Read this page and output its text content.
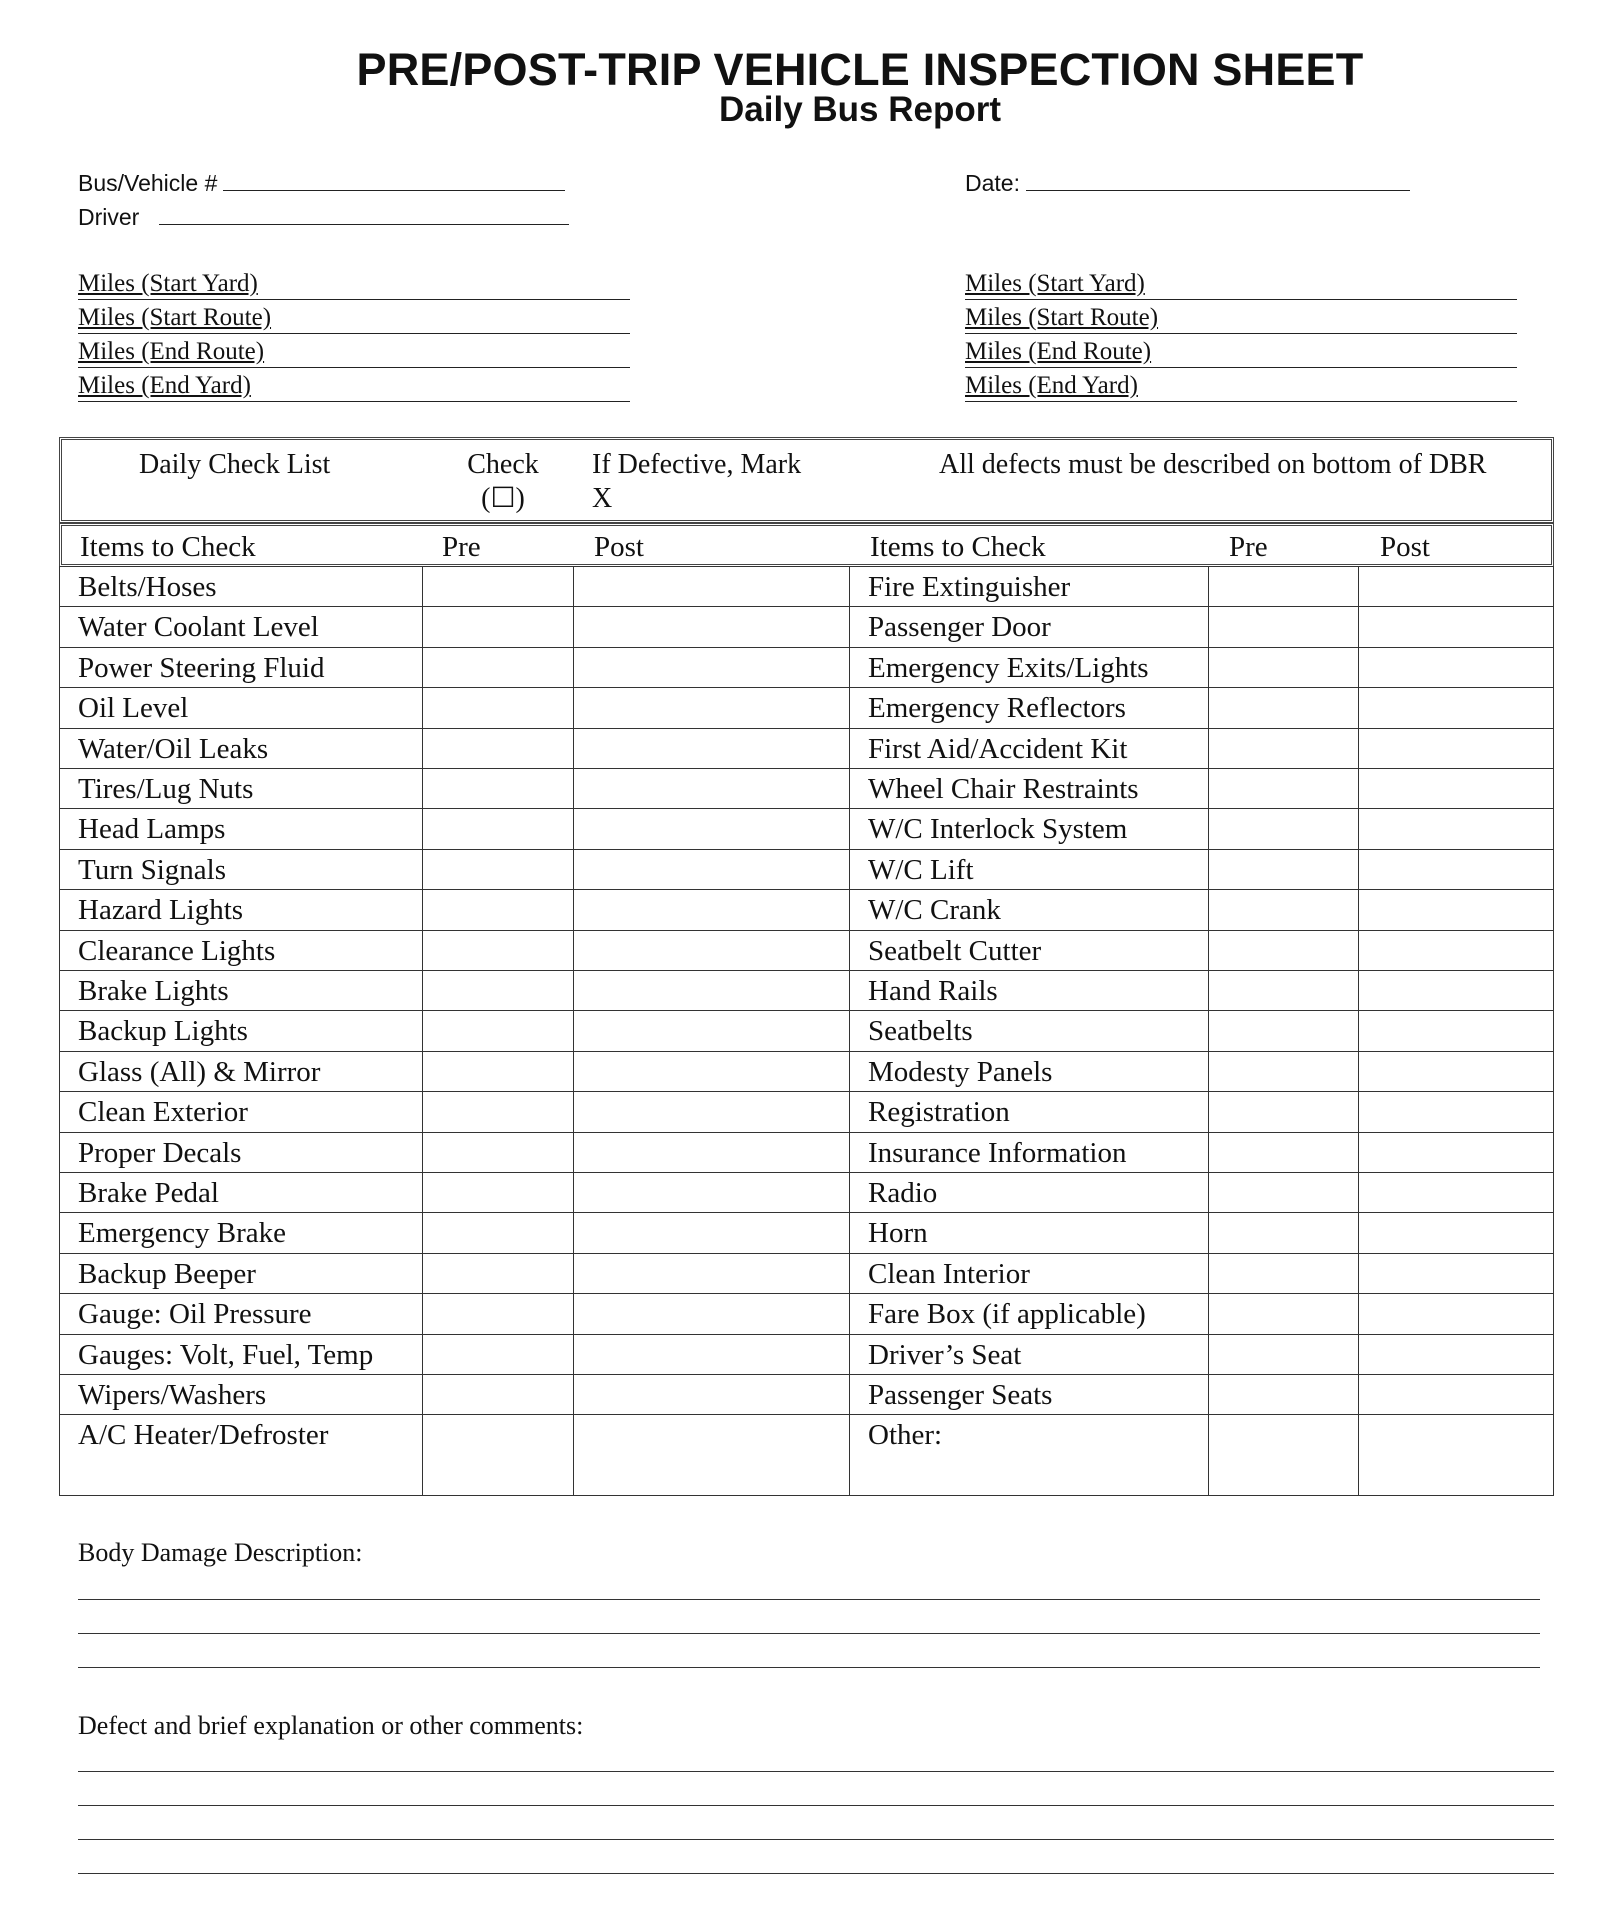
PRE/POST-TRIP VEHICLE INSPECTION SHEET
Daily Bus Report
Bus/Vehicle #
Driver
Date:
Miles (Start Yard)
Miles (Start Route)
Miles (End Route)
Miles (End Yard)
Miles (Start Yard)
Miles (Start Route)
Miles (End Route)
Miles (End Yard)
Daily Check List	Check
(☐)
If Defective, Mark
X
All defects must be described on bottom of DBR
Items to Check	Pre	Post	Items to Check	Pre	Post
Belts/Hoses	Fire Extinguisher
Water Coolant Level	Passenger Door
Power Steering Fluid	Emergency Exits/Lights
Oil Level	Emergency Reflectors
Water/Oil Leaks	First Aid/Accident Kit
Tires/Lug Nuts	Wheel Chair Restraints
Head Lamps	W/C Interlock System
Turn Signals	W/C Lift
Hazard Lights	W/C Crank
Clearance Lights	Seatbelt Cutter
Brake Lights	Hand Rails
Backup Lights	Seatbelts
Glass (All) & Mirror	Modesty Panels
Clean Exterior	Registration
Proper Decals	Insurance Information
Brake Pedal	Radio
Emergency Brake	Horn
Backup Beeper	Clean Interior
Gauge: Oil Pressure	Fare Box (if applicable)
Gauges: Volt, Fuel, Temp	Driver’s Seat
Wipers/Washers	Passenger Seats
A/C Heater/Defroster	Other:
Body Damage Description:
Defect and brief explanation or other comments:
